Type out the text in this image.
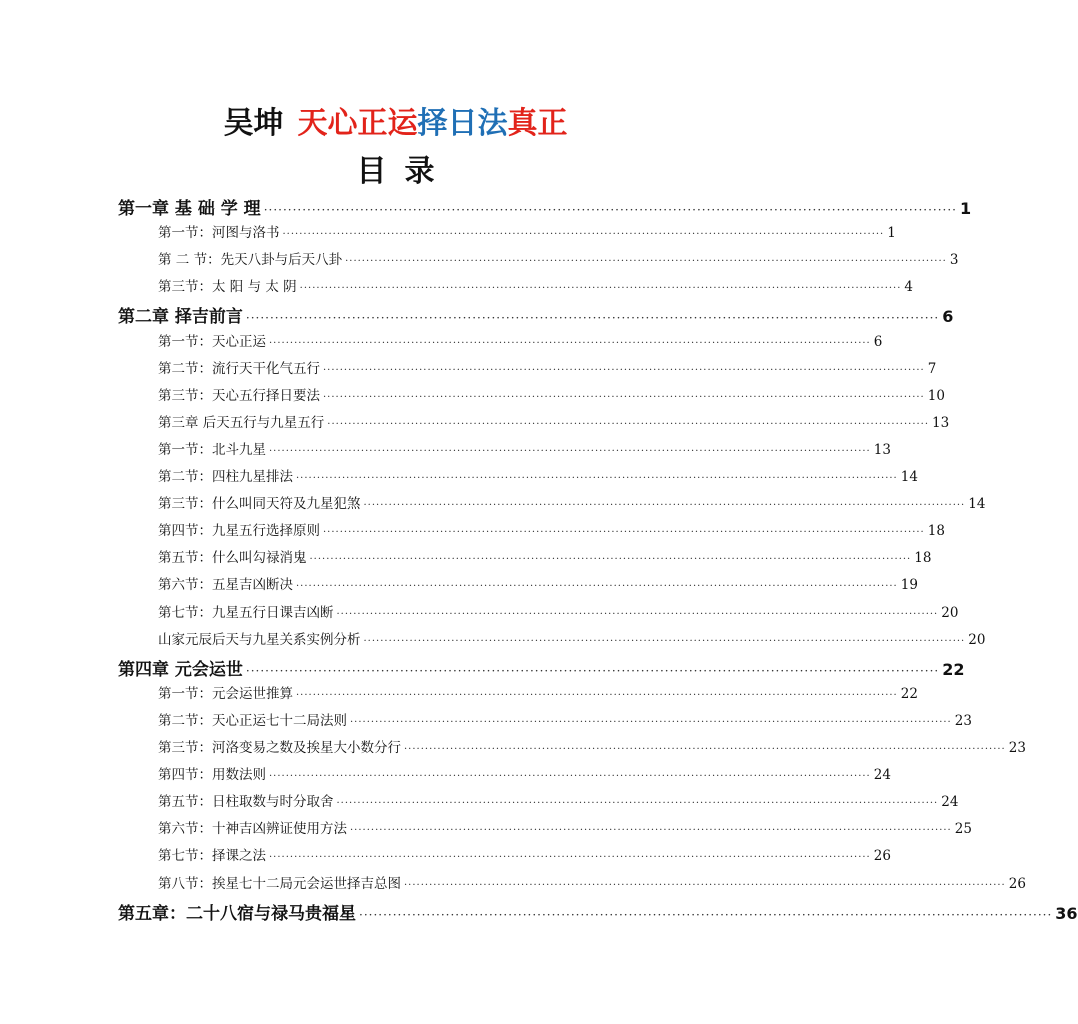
吴坤 天心正运择日法真正
目录
第一章 基 础 学 理 ················································································································································ 1
第一节：河图与洛书 ················································································································································ 1
第 二 节：先天八卦与后天八卦 ················································································································································ 3
第三节：太 阳 与 太 阴 ················································································································································ 4
第二章 择吉前言 ················································································································································ 6
第一节：天心正运 ················································································································································ 6
第二节：流行天干化气五行 ················································································································································ 7
第三节：天心五行择日要法 ················································································································································ 10
第三章 后天五行与九星五行 ················································································································································ 13
第一节：北斗九星 ················································································································································ 13
第二节：四柱九星排法 ················································································································································ 14
第三节：什么叫同天符及九星犯煞 ················································································································································ 14
第四节：九星五行选择原则 ················································································································································ 18
第五节：什么叫勾禄消鬼 ················································································································································ 18
第六节：五星吉凶断决 ················································································································································ 19
第七节：九星五行日课吉凶断 ················································································································································ 20
山家元辰后天与九星关系实例分析 ················································································································································ 20
第四章 元会运世 ················································································································································ 22
第一节：元会运世推算 ················································································································································ 22
第二节：天心正运七十二局法则 ················································································································································ 23
第三节：河洛变易之数及挨星大小数分行 ················································································································································ 23
第四节：用数法则 ················································································································································ 24
第五节：日柱取数与时分取舍 ················································································································································ 24
第六节：十神吉凶辨证使用方法 ················································································································································ 25
第七节：择课之法 ················································································································································ 26
第八节：挨星七十二局元会运世择吉总图 ················································································································································ 26
第五章：二十八宿与禄马贵福星 ················································································································································ 36
